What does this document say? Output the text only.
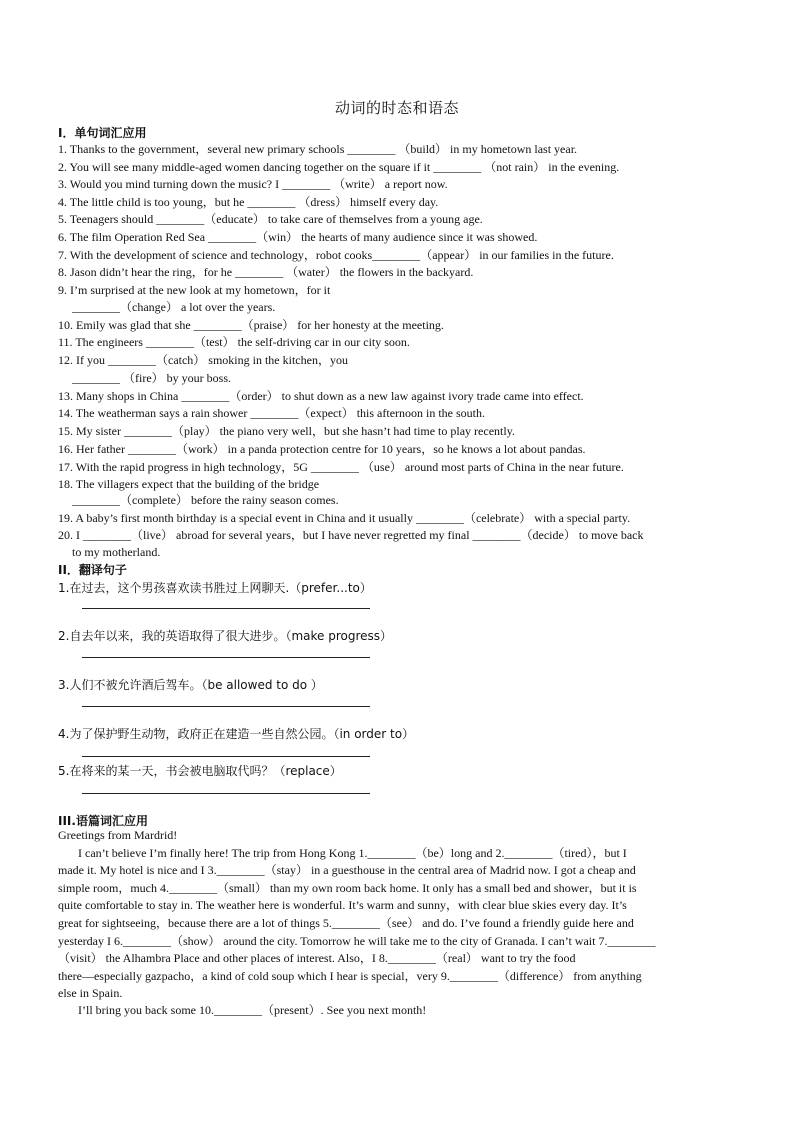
动词的时态和语态
I．单句词汇应用
1. Thanks to the government，several new primary schools ________ （build） in my hometown last year.
2. You will see many middle-aged women dancing together on the square if it ________ （not rain） in the evening.
3. Would you mind turning down the music? I ________ （write） a report now.
4. The little child is too young，but he ________ （dress） himself every day.
5. Teenagers should ________（educate） to take care of themselves from a young age.
6. The film Operation Red Sea ________（win） the hearts of many audience since it was showed.
7. With the development of science and technology，robot cooks________（appear） in our families in the future.
8. Jason didn’t hear the ring，for he ________ （water） the flowers in the backyard.
9. I’m surprised at the new look at my hometown，for it
________（change） a lot over the years.
10. Emily was glad that she ________（praise） for her honesty at the meeting.
11. The engineers ________（test） the self-driving car in our city soon.
12. If you ________（catch） smoking in the kitchen，you
________ （fire） by your boss.
13. Many shops in China ________（order） to shut down as a new law against ivory trade came into effect.
14. The weatherman says a rain shower ________（expect） this afternoon in the south.
15. My sister ________（play） the piano very well，but she hasn’t had time to play recently.
16. Her father ________（work） in a panda protection centre for 10 years，so he knows a lot about pandas.
17. With the rapid progress in high technology，5G ________ （use） around most parts of China in the near future.
18. The villagers expect that the building of the bridge
________（complete） before the rainy season comes.
19. A baby’s first month birthday is a special event in China and it usually ________（celebrate） with a special party.
20. I ________（live） abroad for several years，but I have never regretted my final ________（decide） to move back
to my motherland.
II．翻译句子
1.在过去，这个男孩喜欢读书胜过上网聊天.（prefer...to）
2.自去年以来，我的英语取得了很大进步。（make progress）
3.人们不被允许酒后驾车。（be allowed to do ）
4.为了保护野生动物，政府正在建造一些自然公园。（in order to）
5.在将来的某一天，书会被电脑取代吗？（replace）
III.语篇词汇应用
Greetings from Mardrid!
I can’t believe I’m finally here! The trip from Hong Kong 1.________（be）long and 2.________（tired），but I
made it. My hotel is nice and I 3.________（stay） in a guesthouse in the central area of Madrid now. I got a cheap and
simple room，much 4.________（small） than my own room back home. It only has a small bed and shower，but it is
quite comfortable to stay in. The weather here is wonderful. It’s warm and sunny，with clear blue skies every day. It’s
great for sightseeing，because there are a lot of things 5.________（see） and do. I’ve found a friendly guide here and
yesterday I 6.________（show） around the city. Tomorrow he will take me to the city of Granada. I can’t wait 7.________
（visit） the Alhambra Place and other places of interest. Also，I 8.________（real） want to try the food
there—especially gazpacho，a kind of cold soup which I hear is special，very 9.________（difference） from anything
else in Spain.
I’ll bring you back some 10.________（present）. See you next month!
